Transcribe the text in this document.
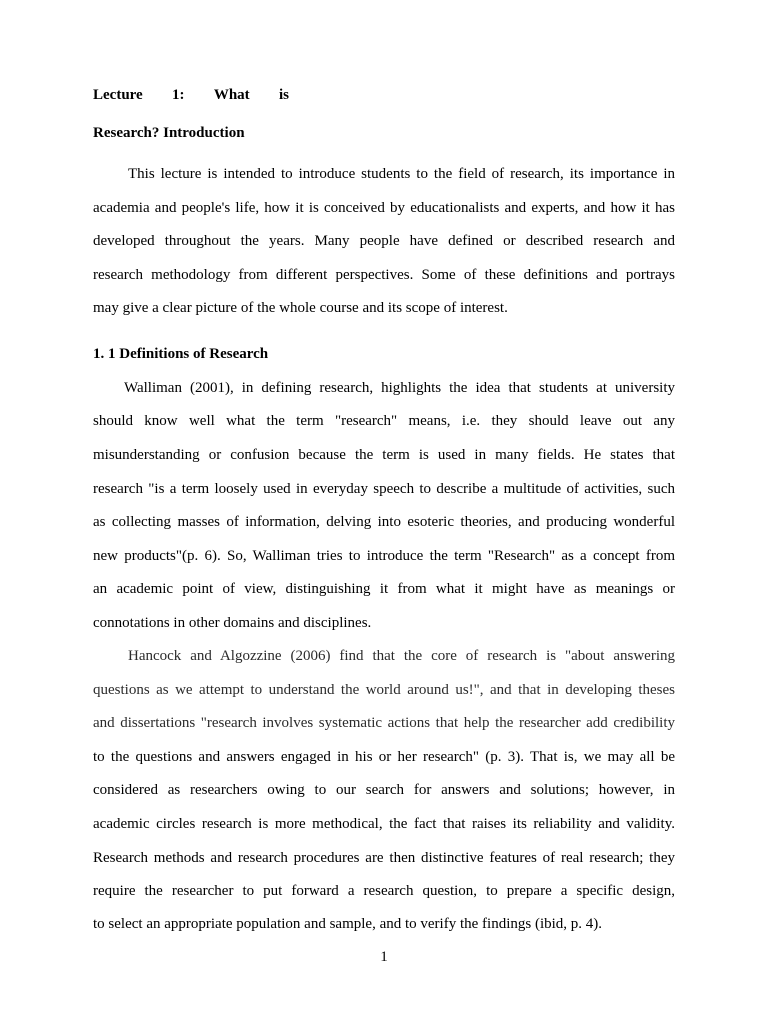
Lecture 1: What is
Research? Introduction
This lecture is intended to introduce students to the field of research, its importance in
academia and people's life, how it is conceived by educationalists and experts, and how it has
developed throughout the years. Many people have defined or described research and
research methodology from different perspectives. Some of these definitions and portrays
may give a clear picture of the whole course and its scope of interest.
1. 1 Definitions of Research
Walliman (2001), in defining research, highlights the idea that students at university
should know well what the term "research" means, i.e. they should leave out any
misunderstanding or confusion because the term is used in many fields. He states that
research "is a term loosely used in everyday speech to describe a multitude of activities, such
as collecting masses of information, delving into esoteric theories, and producing wonderful
new products"(p. 6). So, Walliman tries to introduce the term "Research" as a concept from
an academic point of view, distinguishing it from what it might have as meanings or
connotations in other domains and disciplines.
Hancock and Algozzine (2006) find that the core of research is "about answering
questions as we attempt to understand the world around us!", and that in developing theses
and dissertations "research involves systematic actions that help the researcher add credibility
to the questions and answers engaged in his or her research" (p. 3). That is, we may all be
considered as researchers owing to our search for answers and solutions; however, in
academic circles research is more methodical, the fact that raises its reliability and validity.
Research methods and research procedures are then distinctive features of real research; they
require the researcher to put forward a research question, to prepare a specific design,
to select an appropriate population and sample, and to verify the findings (ibid, p. 4).
1
